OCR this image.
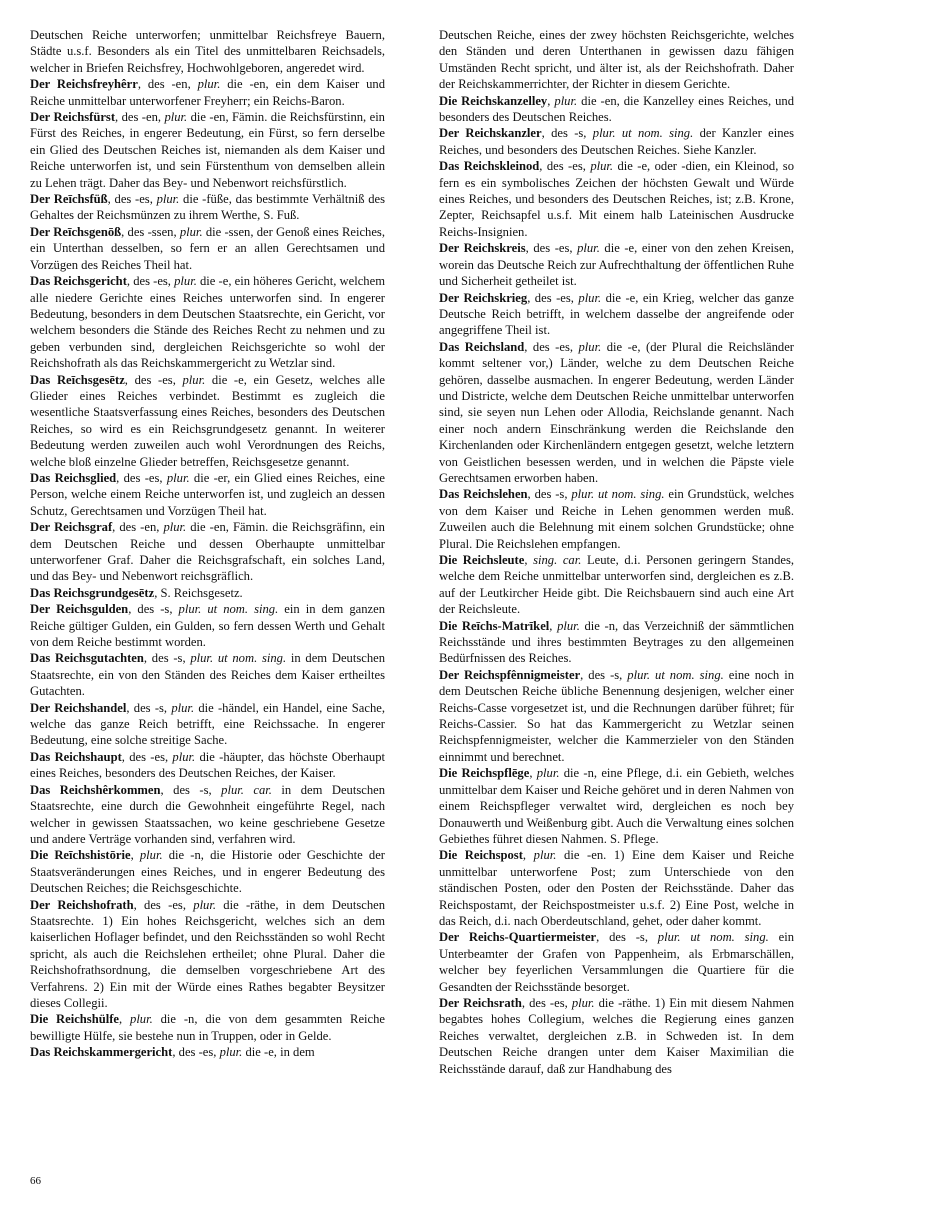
Deutschen Reiche unterworfen; unmittelbar Reichsfreye Bauern, Städte u.s.f. Besonders als ein Titel des unmittelbaren Reichsadels, welcher in Briefen Reichsfrey, Hochwohlgeboren, angeredet wird.

Der Reichsfreyhêrr, des -en, plur. die -en, ein dem Kaiser und Reiche unmittelbar unterworfener Freyherr; ein Reichs-Baron.

Der Reichsfürst, des -en, plur. die -en, Fämin. die Reichsfürstinn, ein Fürst des Reiches, in engerer Bedeutung, ein Fürst, so fern derselbe ein Glied des Deutschen Reiches ist, niemanden als dem Kaiser und Reiche unterworfen ist, und sein Fürstenthum von demselben allein zu Lehen trägt. Daher das Bey- und Nebenwort reichsfürstlich.

Der Reīchsfüß, des -es, plur. die -füße, das bestimmte Verhältniß des Gehaltes der Reichsmünzen zu ihrem Werthe, S. Fuß.

Der Reīchsgenōß, des -ssen, plur. die -ssen, der Genoß eines Reiches, ein Unterthan desselben, so fern er an allen Gerechtsamen und Vorzügen des Reiches Theil hat.

Das Reichsgericht, des -es, plur. die -e, ein höheres Gericht, welchem alle niedere Gerichte eines Reiches unterworfen sind. In engerer Bedeutung, besonders in dem Deutschen Staatsrechte, ein Gericht, vor welchem besonders die Stände des Reiches Recht zu nehmen und zu geben verbunden sind, dergleichen Reichsgerichte so wohl der Reichshofrath als das Reichskammergericht zu Wetzlar sind.

Das Reīchsgesētz, des -es, plur. die -e, ein Gesetz, welches alle Glieder eines Reiches verbindet. Bestimmt es zugleich die wesentliche Staatsverfassung eines Reiches, besonders des Deutschen Reiches, so wird es ein Reichsgrundgesetz genannt. In weiterer Bedeutung werden zuweilen auch wohl Verordnungen des Reichs, welche bloß einzelne Glieder betreffen, Reichsgesetze genannt.

Das Reichsglied, des -es, plur. die -er, ein Glied eines Reiches, eine Person, welche einem Reiche unterworfen ist, und zugleich an dessen Schutz, Gerechtsamen und Vorzügen Theil hat.

Der Reichsgraf, des -en, plur. die -en, Fämin. die Reichsgräfinn, ein dem Deutschen Reiche und dessen Oberhaupte unmittelbar unterworfener Graf. Daher die Reichsgrafschaft, ein solches Land, und das Bey- und Nebenwort reichsgräflich.

Das Reichsgrundgesētz, S. Reichsgesetz.

Der Reichsgulden, des -s, plur. ut nom. sing. ein in dem ganzen Reiche gültiger Gulden, ein Gulden, so fern dessen Werth und Gehalt von dem Reiche bestimmt worden.

Das Reichsgutachten, des -s, plur. ut nom. sing. in dem Deutschen Staatsrechte, ein von den Ständen des Reiches dem Kaiser ertheiltes Gutachten.

Der Reichshandel, des -s, plur. die -händel, ein Handel, eine Sache, welche das ganze Reich betrifft, eine Reichssache. In engerer Bedeutung, eine solche streitige Sache.

Das Reichshaupt, des -es, plur. die -häupter, das höchste Oberhaupt eines Reiches, besonders des Deutschen Reiches, der Kaiser.

Das Reichshêrkommen, des -s, plur. car. in dem Deutschen Staatsrechte, eine durch die Gewohnheit eingeführte Regel, nach welcher in gewissen Staatssachen, wo keine geschriebene Gesetze und andere Verträge vorhanden sind, verfahren wird.

Die Reīchshistōrie, plur. die -n, die Historie oder Geschichte der Staatsveränderungen eines Reiches, und in engerer Bedeutung des Deutschen Reiches; die Reichsgeschichte.

Der Reichshofrath, des -es, plur. die -räthe, in dem Deutschen Staatsrechte. 1) Ein hohes Reichsgericht, welches sich an dem kaiserlichen Hoflager befindet, und den Reichsständen so wohl Recht spricht, als auch die Reichslehen ertheilet; ohne Plural. Daher die Reichshofrathsordnung, die demselben vorgeschriebene Art des Verfahrens. 2) Ein mit der Würde eines Rathes begabter Beysitzer dieses Collegii.

Die Reichshülfe, plur. die -n, die von dem gesammten Reiche bewilligte Hülfe, sie bestehe nun in Truppen, oder in Gelde.

Das Reichskammergericht, des -es, plur. die -e, in dem

Deutschen Reiche, eines der zwey höchsten Reichsgerichte, welches den Ständen und deren Unterthanen in gewissen dazu fähigen Umständen Recht spricht, und älter ist, als der Reichshofrath. Daher der Reichskammerrichter, der Richter in diesem Gerichte.

Die Reichskanzelley, plur. die -en, die Kanzelley eines Reiches, und besonders des Deutschen Reiches.

Der Reichskanzler, des -s, plur. ut nom. sing. der Kanzler eines Reiches, und besonders des Deutschen Reiches. Siehe Kanzler.

Das Reichskleinod, des -es, plur. die -e, oder -dien, ein Kleinod, so fern es ein symbolisches Zeichen der höchsten Gewalt und Würde eines Reiches, und besonders des Deutschen Reiches, ist; z.B. Krone, Zepter, Reichsapfel u.s.f. Mit einem halb Lateinischen Ausdrucke Reichs-Insignien.

Der Reichskreis, des -es, plur. die -e, einer von den zehen Kreisen, worein das Deutsche Reich zur Aufrechthaltung der öffentlichen Ruhe und Sicherheit getheilet ist.

Der Reichskrieg, des -es, plur. die -e, ein Krieg, welcher das ganze Deutsche Reich betrifft, in welchem dasselbe der angreifende oder angegriffene Theil ist.

Das Reichsland, des -es, plur. die -e, (der Plural die Reichsländer kommt seltener vor,) Länder, welche zu dem Deutschen Reiche gehören, dasselbe ausmachen. In engerer Bedeutung, werden Länder und Districte, welche dem Deutschen Reiche unmittelbar unterworfen sind, sie seyen nun Lehen oder Allodia, Reichslande genannt. Nach einer noch andern Einschränkung werden die Reichslande den Kirchenlanden oder Kirchenländern entgegen gesetzt, welche letztern von Geistlichen besessen werden, und in welchen die Päpste viele Gerechtsamen erworben haben.

Das Reichslehen, des -s, plur. ut nom. sing. ein Grundstück, welches von dem Kaiser und Reiche in Lehen genommen werden muß. Zuweilen auch die Belehnung mit einem solchen Grundstücke; ohne Plural. Die Reichslehen empfangen.

Die Reichsleute, sing. car. Leute, d.i. Personen geringern Standes, welche dem Reiche unmittelbar unterworfen sind, dergleichen es z.B. auf der Leutkircher Heide gibt. Die Reichsbauern sind auch eine Art der Reichsleute.

Die Reīchs-Matrīkel, plur. die -n, das Verzeichniß der sämmtlichen Reichsstände und ihres bestimmten Beytrages zu den allgemeinen Bedürfnissen des Reiches.

Der Reichspfênnigmeister, des -s, plur. ut nom. sing. eine noch in dem Deutschen Reiche übliche Benennung desjenigen, welcher einer Reichs-Casse vorgesetzet ist, und die Rechnungen darüber führet; für Reichs-Cassier. So hat das Kammergericht zu Wetzlar seinen Reichspfennigmeister, welcher die Kammerzieler von den Ständen einnimmt und berechnet.

Die Reichspflēge, plur. die -n, eine Pflege, d.i. ein Gebieth, welches unmittelbar dem Kaiser und Reiche gehöret und in deren Nahmen von einem Reichspfleger verwaltet wird, dergleichen es noch bey Donauwerth und Weißenburg gibt. Auch die Verwaltung eines solchen Gebiethes führet diesen Nahmen. S. Pflege.

Die Reichspost, plur. die -en. 1) Eine dem Kaiser und Reiche unmittelbar unterworfene Post; zum Unterschiede von den ständischen Posten, oder den Posten der Reichsstände. Daher das Reichspostamt, der Reichspostmeister u.s.f. 2) Eine Post, welche in das Reich, d.i. nach Oberdeutschland, gehet, oder daher kommt.

Der Reichs-Quartiermeister, des -s, plur. ut nom. sing. ein Unterbeamter der Grafen von Pappenheim, als Erbmarschällen, welcher bey feyerlichen Versammlungen die Quartiere für die Gesandten der Reichsstände besorget.

Der Reichsrath, des -es, plur. die -räthe. 1) Ein mit diesem Nahmen begabtes hohes Collegium, welches die Regierung eines ganzen Reiches verwaltet, dergleichen z.B. in Schweden ist. In dem Deutschen Reiche drangen unter dem Kaiser Maximilian die Reichsstände darauf, daß zur Handhabung des

66
